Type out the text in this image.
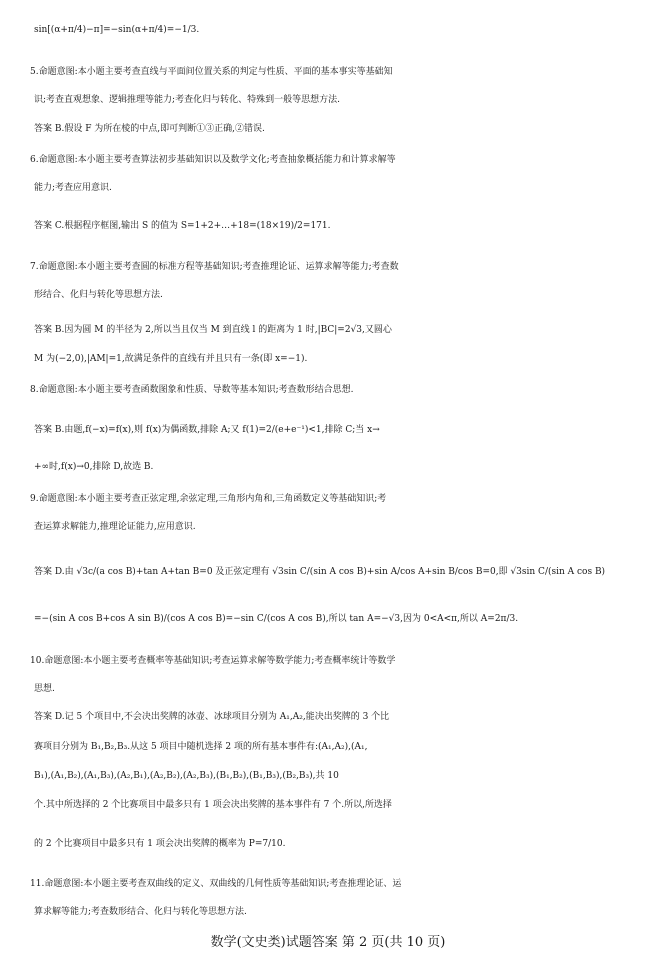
sin[(α+π/4)−π]=−sin(α+π/4)=−1/3.
5.命题意图:本小题主要考查直线与平面间位置关系的判定与性质、平面的基本事实等基础知
识;考查直观想象、逻辑推理等能力;考查化归与转化、特殊到一般等思想方法.
答案 B.假设 F 为所在棱的中点,即可判断①③正确,②错误.
6.命题意图:本小题主要考查算法初步基础知识以及数学文化;考查抽象概括能力和计算求解等
能力;考查应用意识.
答案 C.根据程序框图,输出 S 的值为 S=1+2+…+18=(18×19)/2=171.
7.命题意图:本小题主要考查圆的标准方程等基础知识;考查推理论证、运算求解等能力;考查数
形结合、化归与转化等思想方法.
答案 B.因为圆 M 的半径为 2,所以当且仅当 M 到直线 l 的距离为 1 时,|BC|=2√3,又圆心
M 为(−2,0),|AM|=1,故满足条件的直线有并且只有一条(即 x=−1).
8.命题意图:本小题主要考查函数图象和性质、导数等基本知识;考查数形结合思想.
答案 B.由题,f(−x)=f(x),则 f(x)为偶函数,排除 A;又 f(1)=2/(e+e⁻¹)<1,排除 C;当 x→
+∞时,f(x)→0,排除 D,故选 B.
9.命题意图:本小题主要考查正弦定理,余弦定理,三角形内角和,三角函数定义等基础知识;考
查运算求解能力,推理论证能力,应用意识.
答案 D.由 √3c/(a cos B)+tan A+tan B=0 及正弦定理有 √3sin C/(sin A cos B)+sin A/cos A+sin B/cos B=0,即 √3sin C/(sin A cos B)
=−(sin A cos B+cos A sin B)/(cos A cos B)=−sin C/(cos A cos B),所以 tan A=−√3,因为 0<A<π,所以 A=2π/3.
10.命题意图:本小题主要考查概率等基础知识;考查运算求解等数学能力;考查概率统计等数学
思想.
答案 D.记 5 个项目中,不会决出奖牌的冰壶、冰球项目分别为 A₁,A₂,能决出奖牌的 3 个比
赛项目分别为 B₁,B₂,B₃.从这 5 项目中随机选择 2 项的所有基本事件有:(A₁,A₂),(A₁,
B₁),(A₁,B₂),(A₁,B₃),(A₂,B₁),(A₂,B₂),(A₂,B₃),(B₁,B₂),(B₁,B₃),(B₂,B₃),共 10
个.其中所选择的 2 个比赛项目中最多只有 1 项会决出奖牌的基本事件有 7 个.所以,所选择
的 2 个比赛项目中最多只有 1 项会决出奖牌的概率为 P=7/10.
11.命题意图:本小题主要考查双曲线的定义、双曲线的几何性质等基础知识;考查推理论证、运
算求解等能力;考查数形结合、化归与转化等思想方法.
数学(文史类)试题答案 第 2 页(共 10 页)
